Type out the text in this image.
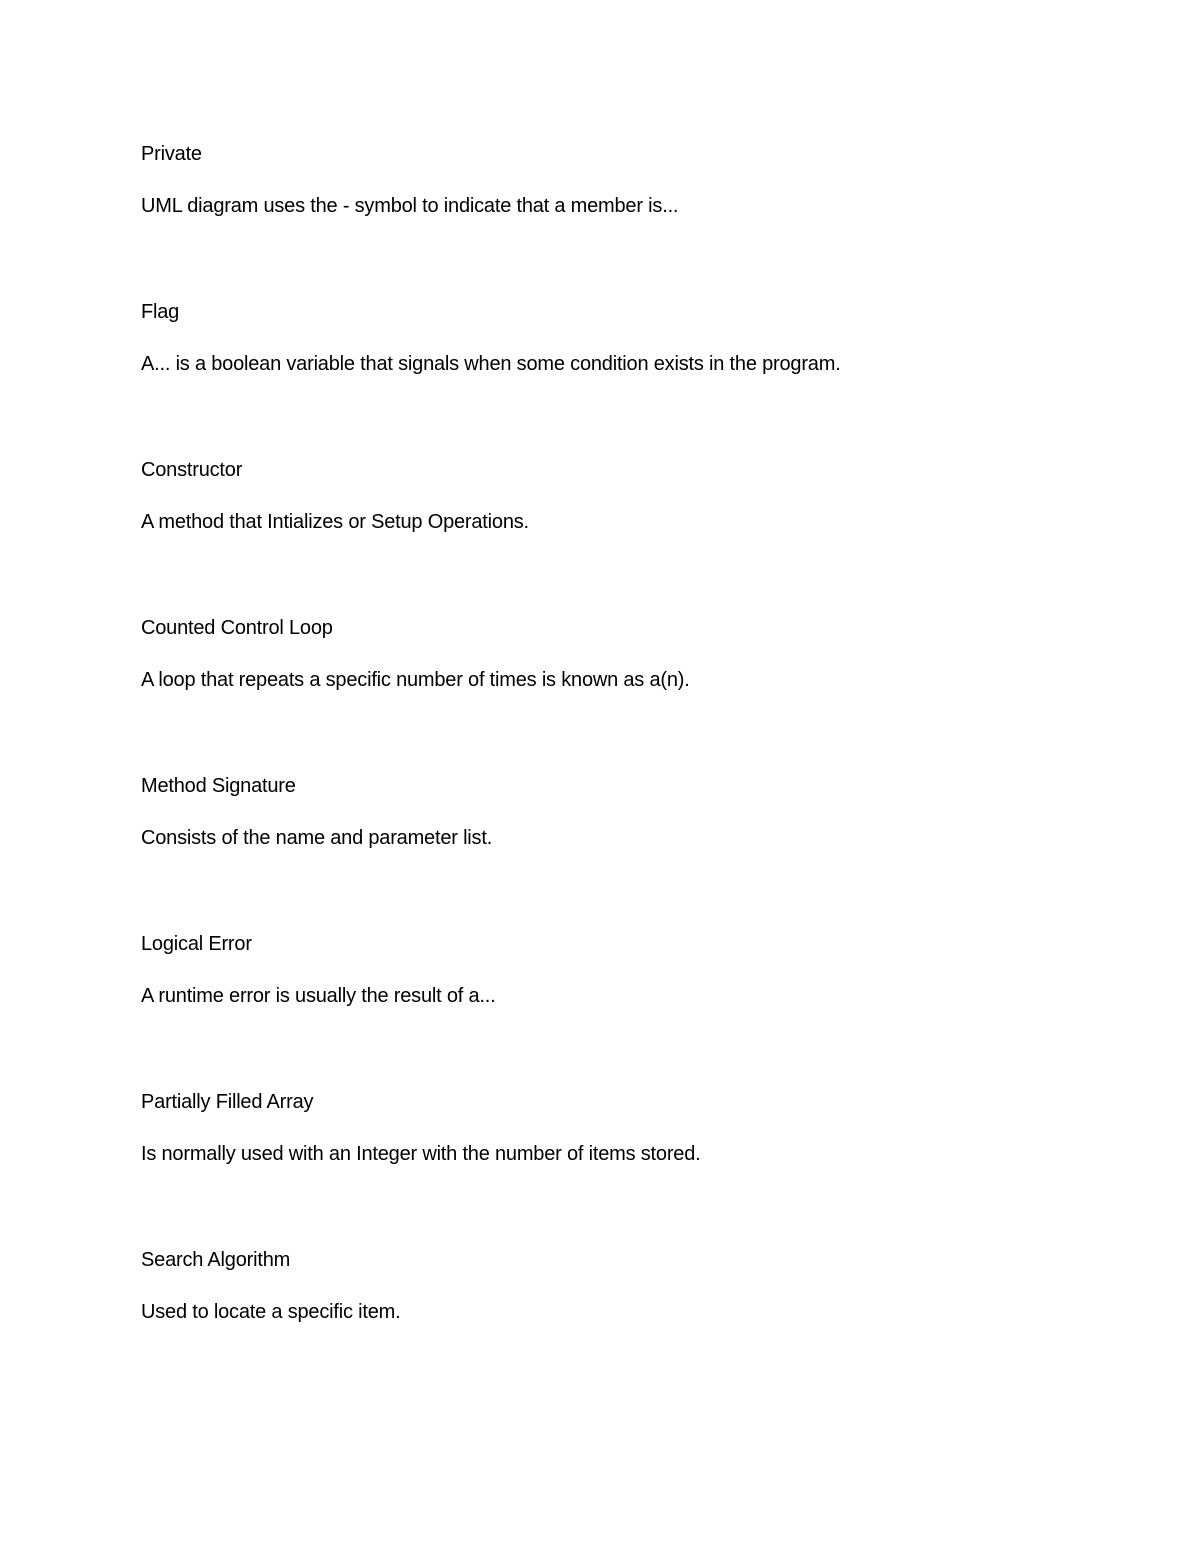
Private
UML diagram uses the - symbol to indicate that a member is...
Flag
A... is a boolean variable that signals when some condition exists in the program.
Constructor
A method that Intializes or Setup Operations.
Counted Control Loop
A loop that repeats a specific number of times is known as a(n).
Method Signature
Consists of the name and parameter list.
Logical Error
A runtime error is usually the result of a...
Partially Filled Array
Is normally used with an Integer with the number of items stored.
Search Algorithm
Used to locate a specific item.
